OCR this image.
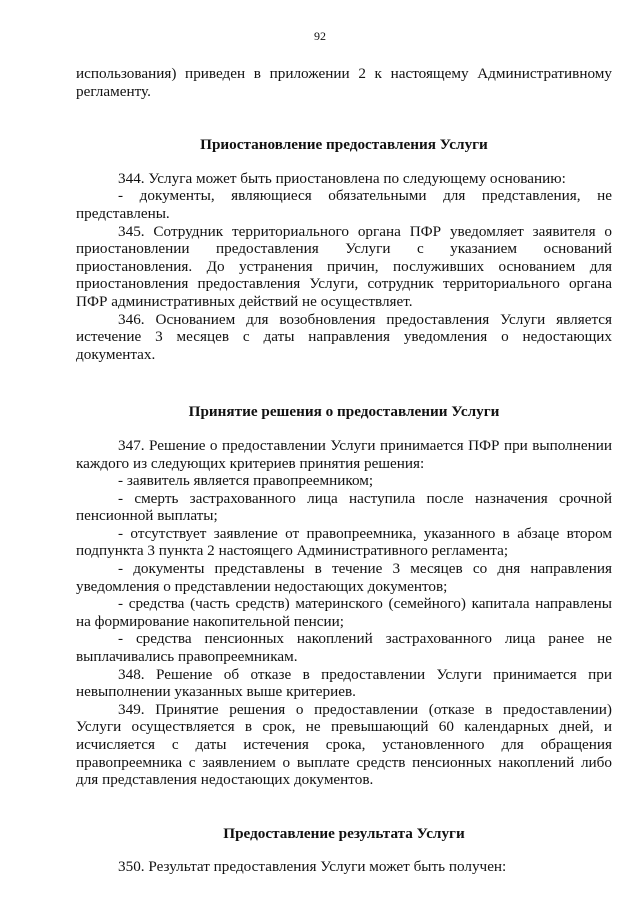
92

использования) приведен в приложении 2 к настоящему Административному регламенту.

Приостановление предоставления Услуги

344. Услуга может быть приостановлена по следующему основанию:

- документы, являющиеся обязательными для представления, не представлены.

345. Сотрудник территориального органа ПФР уведомляет заявителя о приостановлении предоставления Услуги с указанием оснований приостановления. До устранения причин, послуживших основанием для приостановления предоставления Услуги, сотрудник территориального органа ПФР административных действий не осуществляет.

346. Основанием для возобновления предоставления Услуги является истечение 3 месяцев с даты направления уведомления о недостающих документах.

Принятие решения о предоставлении Услуги

347. Решение о предоставлении Услуги принимается ПФР при выполнении каждого из следующих критериев принятия решения:

- заявитель является правопреемником;

- смерть застрахованного лица наступила после назначения срочной пенсионной выплаты;

- отсутствует заявление от правопреемника, указанного в абзаце втором подпункта 3 пункта 2 настоящего Административного регламента;

- документы представлены в течение 3 месяцев со дня направления уведомления о представлении недостающих документов;

- средства (часть средств) материнского (семейного) капитала направлены на формирование накопительной пенсии;

- средства пенсионных накоплений застрахованного лица ранее не выплачивались правопреемникам.

348. Решение об отказе в предоставлении Услуги принимается при невыполнении указанных выше критериев.

349. Принятие решения о предоставлении (отказе в предоставлении) Услуги осуществляется в срок, не превышающий 60 календарных дней, и исчисляется с даты истечения срока, установленного для обращения правопреемника с заявлением о выплате средств пенсионных накоплений либо для представления недостающих документов.

Предоставление результата Услуги

350. Результат предоставления Услуги может быть получен:
